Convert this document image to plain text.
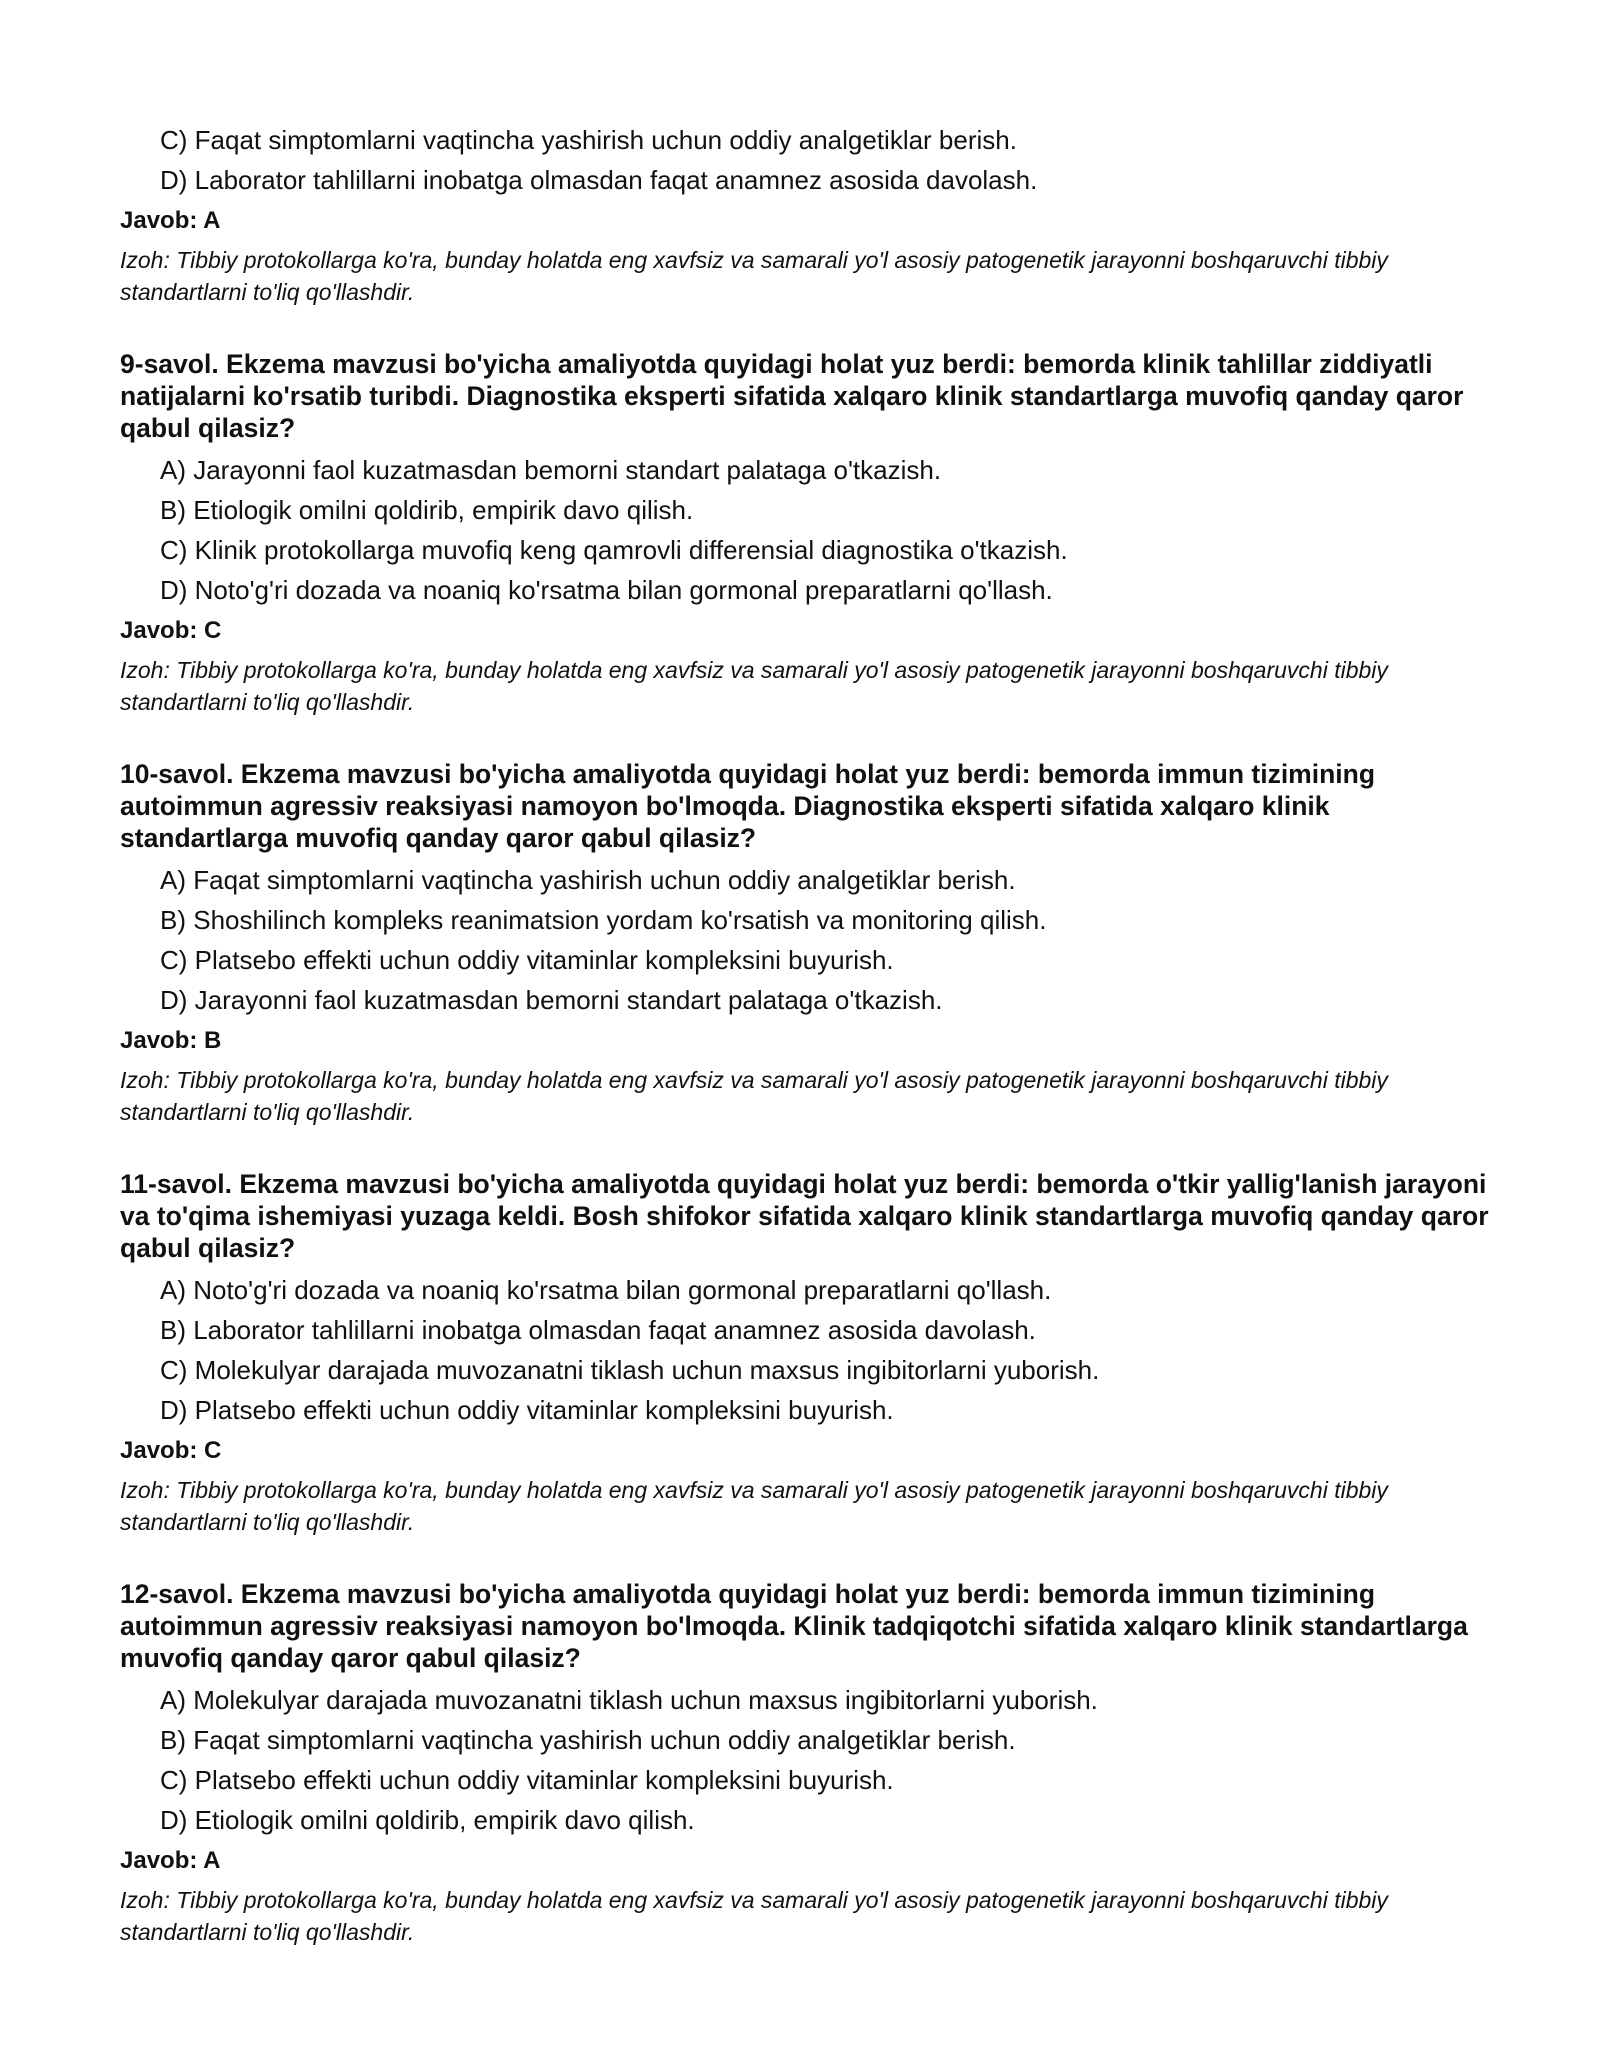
C) Faqat simptomlarni vaqtincha yashirish uchun oddiy analgetiklar berish.
D) Laborator tahlillarni inobatga olmasdan faqat anamnez asosida davolash.
Javob: A

Izoh: Tibbiy protokollarga ko'ra, bunday holatda eng xavfsiz va samarali yo'l asosiy patogenetik jarayonni boshqaruvchi tibbiy standartlarni to'liq qo'llashdir.

9-savol. Ekzema mavzusi bo'yicha amaliyotda quyidagi holat yuz berdi: bemorda klinik tahlillar ziddiyatli natijalarni ko'rsatib turibdi. Diagnostika eksperti sifatida xalqaro klinik standartlarga muvofiq qanday qaror qabul qilasiz?

A) Jarayonni faol kuzatmasdan bemorni standart palataga o'tkazish.
B) Etiologik omilni qoldirib, empirik davo qilish.
C) Klinik protokollarga muvofiq keng qamrovli differensial diagnostika o'tkazish.
D) Noto'g'ri dozada va noaniq ko'rsatma bilan gormonal preparatlarni qo'llash.
Javob: C

Izoh: Tibbiy protokollarga ko'ra, bunday holatda eng xavfsiz va samarali yo'l asosiy patogenetik jarayonni boshqaruvchi tibbiy standartlarni to'liq qo'llashdir.

10-savol. Ekzema mavzusi bo'yicha amaliyotda quyidagi holat yuz berdi: bemorda immun tizimining autoimmun agressiv reaksiyasi namoyon bo'lmoqda. Diagnostika eksperti sifatida xalqaro klinik standartlarga muvofiq qanday qaror qabul qilasiz?

A) Faqat simptomlarni vaqtincha yashirish uchun oddiy analgetiklar berish.
B) Shoshilinch kompleks reanimatsion yordam ko'rsatish va monitoring qilish.
C) Platsebo effekti uchun oddiy vitaminlar kompleksini buyurish.
D) Jarayonni faol kuzatmasdan bemorni standart palataga o'tkazish.
Javob: B

Izoh: Tibbiy protokollarga ko'ra, bunday holatda eng xavfsiz va samarali yo'l asosiy patogenetik jarayonni boshqaruvchi tibbiy standartlarni to'liq qo'llashdir.

11-savol. Ekzema mavzusi bo'yicha amaliyotda quyidagi holat yuz berdi: bemorda o'tkir yallig'lanish jarayoni va to'qima ishemiyasi yuzaga keldi. Bosh shifokor sifatida xalqaro klinik standartlarga muvofiq qanday qaror qabul qilasiz?

A) Noto'g'ri dozada va noaniq ko'rsatma bilan gormonal preparatlarni qo'llash.
B) Laborator tahlillarni inobatga olmasdan faqat anamnez asosida davolash.
C) Molekulyar darajada muvozanatni tiklash uchun maxsus ingibitorlarni yuborish.
D) Platsebo effekti uchun oddiy vitaminlar kompleksini buyurish.
Javob: C

Izoh: Tibbiy protokollarga ko'ra, bunday holatda eng xavfsiz va samarali yo'l asosiy patogenetik jarayonni boshqaruvchi tibbiy standartlarni to'liq qo'llashdir.

12-savol. Ekzema mavzusi bo'yicha amaliyotda quyidagi holat yuz berdi: bemorda immun tizimining autoimmun agressiv reaksiyasi namoyon bo'lmoqda. Klinik tadqiqotchi sifatida xalqaro klinik standartlarga muvofiq qanday qaror qabul qilasiz?

A) Molekulyar darajada muvozanatni tiklash uchun maxsus ingibitorlarni yuborish.
B) Faqat simptomlarni vaqtincha yashirish uchun oddiy analgetiklar berish.
C) Platsebo effekti uchun oddiy vitaminlar kompleksini buyurish.
D) Etiologik omilni qoldirib, empirik davo qilish.
Javob: A

Izoh: Tibbiy protokollarga ko'ra, bunday holatda eng xavfsiz va samarali yo'l asosiy patogenetik jarayonni boshqaruvchi tibbiy standartlarni to'liq qo'llashdir.
